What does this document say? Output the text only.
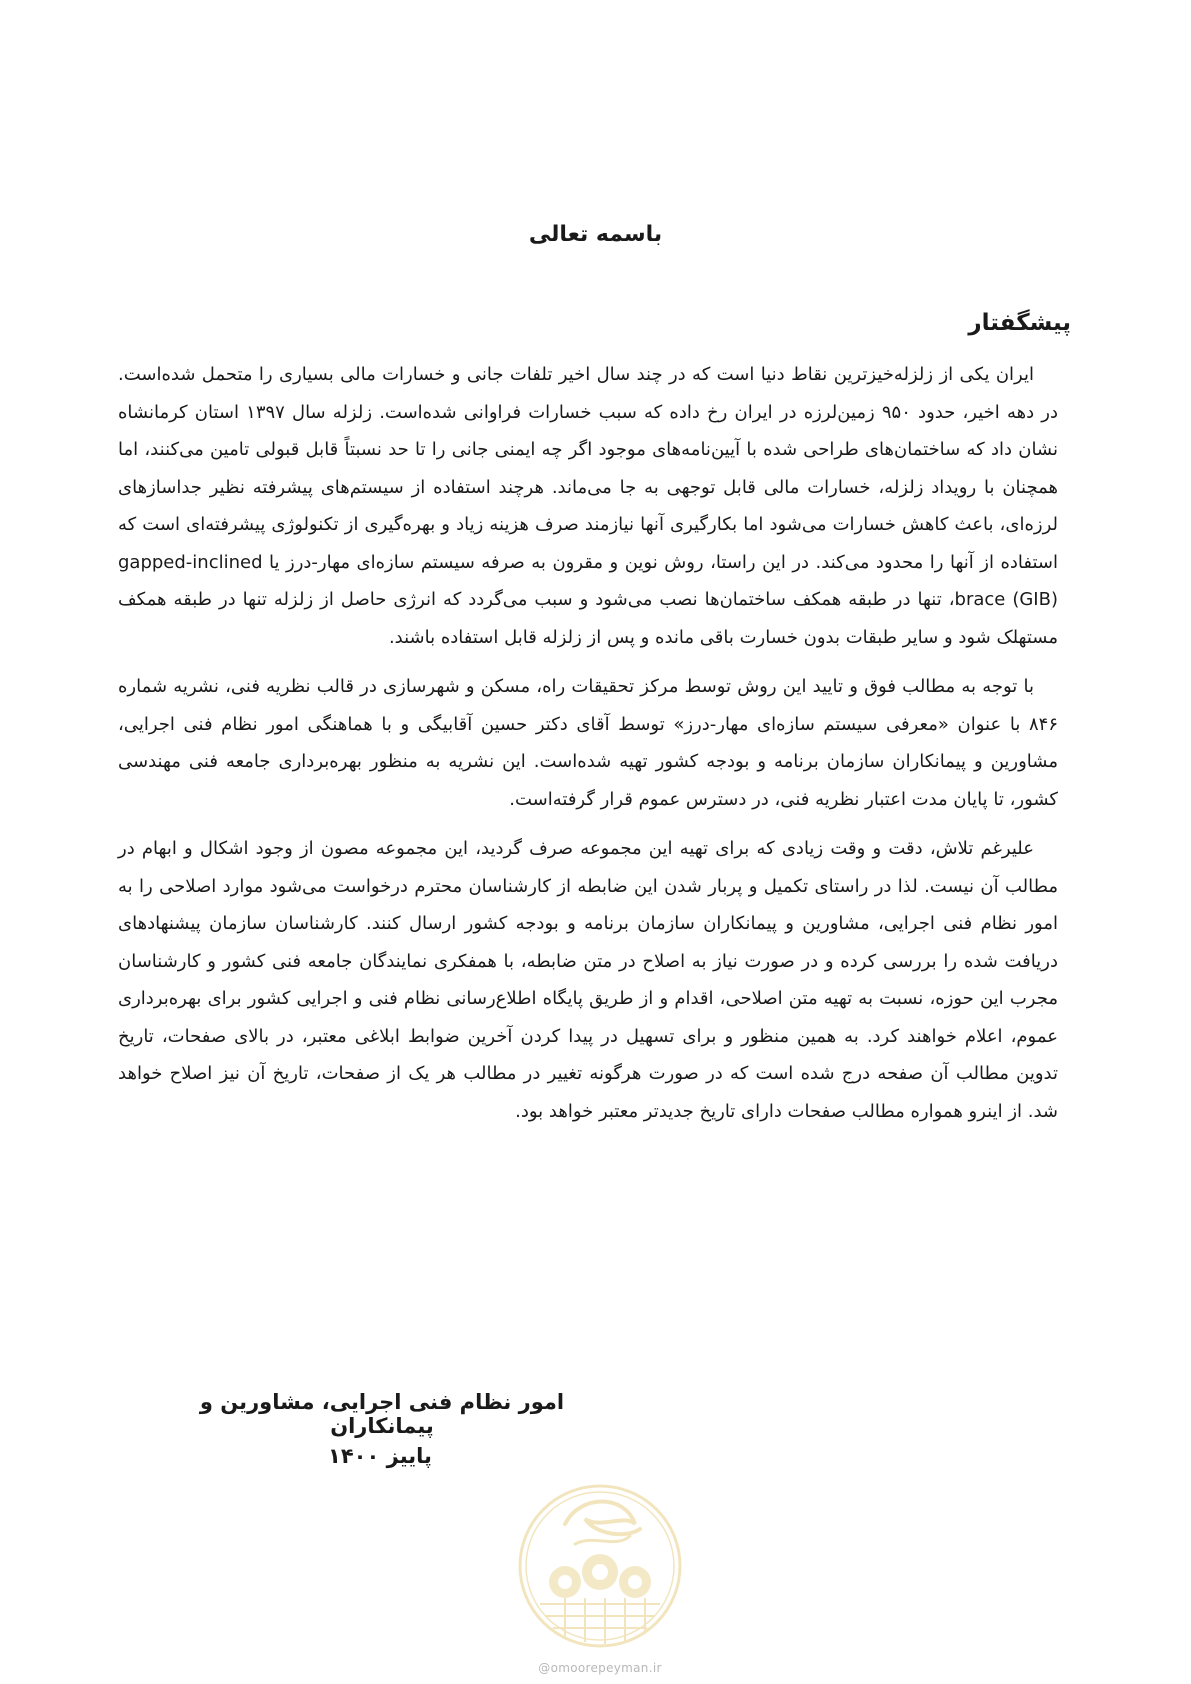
باسمه تعالی
پیشگفتار

ایران یکی از زلزله‌خیزترین نقاط دنیا است که در چند سال اخیر تلفات جانی و خسارات مالی بسیاری را متحمل شده‌است. در دهه اخیر، حدود ۹۵۰ زمین‌لرزه در ایران رخ داده که سبب خسارات فراوانی شده‌است. زلزله سال ۱۳۹۷ استان کرمانشاه نشان داد که ساختمان‌های طراحی شده با آیین‌نامه‌های موجود اگر چه ایمنی جانی را تا حد نسبتاً قابل قبولی تامین می‌کنند، اما همچنان با رویداد زلزله، خسارات مالی قابل توجهی به جا می‌ماند. هرچند استفاده از سیستم‌های پیشرفته نظیر جداسازهای لرزه‌ای، باعث کاهش خسارات می‌شود اما بکارگیری آنها نیازمند صرف هزینه زیاد و بهره‌گیری از تکنولوژی پیشرفته‌ای است که استفاده از آنها را محدود می‌کند. در این راستا، روش نوین و مقرون به صرفه سیستم سازه‌ای مهار-درز یا gapped-inclined brace (GIB)، تنها در طبقه همکف ساختمان‌ها نصب می‌شود و سبب می‌گردد که انرژی حاصل از زلزله تنها در طبقه همکف مستهلک شود و سایر طبقات بدون خسارت باقی مانده و پس از زلزله قابل استفاده باشند.

با توجه به مطالب فوق و تایید این روش توسط مرکز تحقیقات راه، مسکن و شهرسازی در قالب نظریه فنی، نشریه شماره ۸۴۶ با عنوان «معرفی سیستم سازه‌ای مهار-درز» توسط آقای دکتر حسین آقابیگی و با هماهنگی امور نظام فنی اجرایی، مشاورین و پیمانکاران سازمان برنامه و بودجه کشور تهیه شده‌است. این نشریه به منظور بهره‌برداری جامعه فنی مهندسی کشور، تا پایان مدت اعتبار نظریه فنی، در دسترس عموم قرار گرفته‌است.

علیرغم تلاش، دقت و وقت زیادی که برای تهیه این مجموعه صرف گردید، این مجموعه مصون از وجود اشکال و ابهام در مطالب آن نیست. لذا در راستای تکمیل و پربار شدن این ضابطه از کارشناسان محترم درخواست می‌شود موارد اصلاحی را به امور نظام فنی اجرایی، مشاورین و پیمانکاران سازمان برنامه و بودجه کشور ارسال کنند. کارشناسان سازمان پیشنهادهای دریافت شده را بررسی کرده و در صورت نیاز به اصلاح در متن ضابطه، با همفکری نمایندگان جامعه فنی کشور و کارشناسان مجرب این حوزه، نسبت به تهیه متن اصلاحی، اقدام و از طریق پایگاه اطلاع‌رسانی نظام فنی و اجرایی کشور برای بهره‌برداری عموم، اعلام خواهند کرد. به همین منظور و برای تسهیل در پیدا کردن آخرین ضوابط ابلاغی معتبر، در بالای صفحات، تاریخ تدوین مطالب آن صفحه درج شده است که در صورت هرگونه تغییر در مطالب هر یک از صفحات، تاریخ آن نیز اصلاح خواهد شد. از اینرو همواره مطالب صفحات دارای تاریخ جدیدتر معتبر خواهد بود.

امور نظام فنی اجرایی، مشاورین و پیمانکاران
پاییز ۱۴۰۰
@omoorepeyman.ir
